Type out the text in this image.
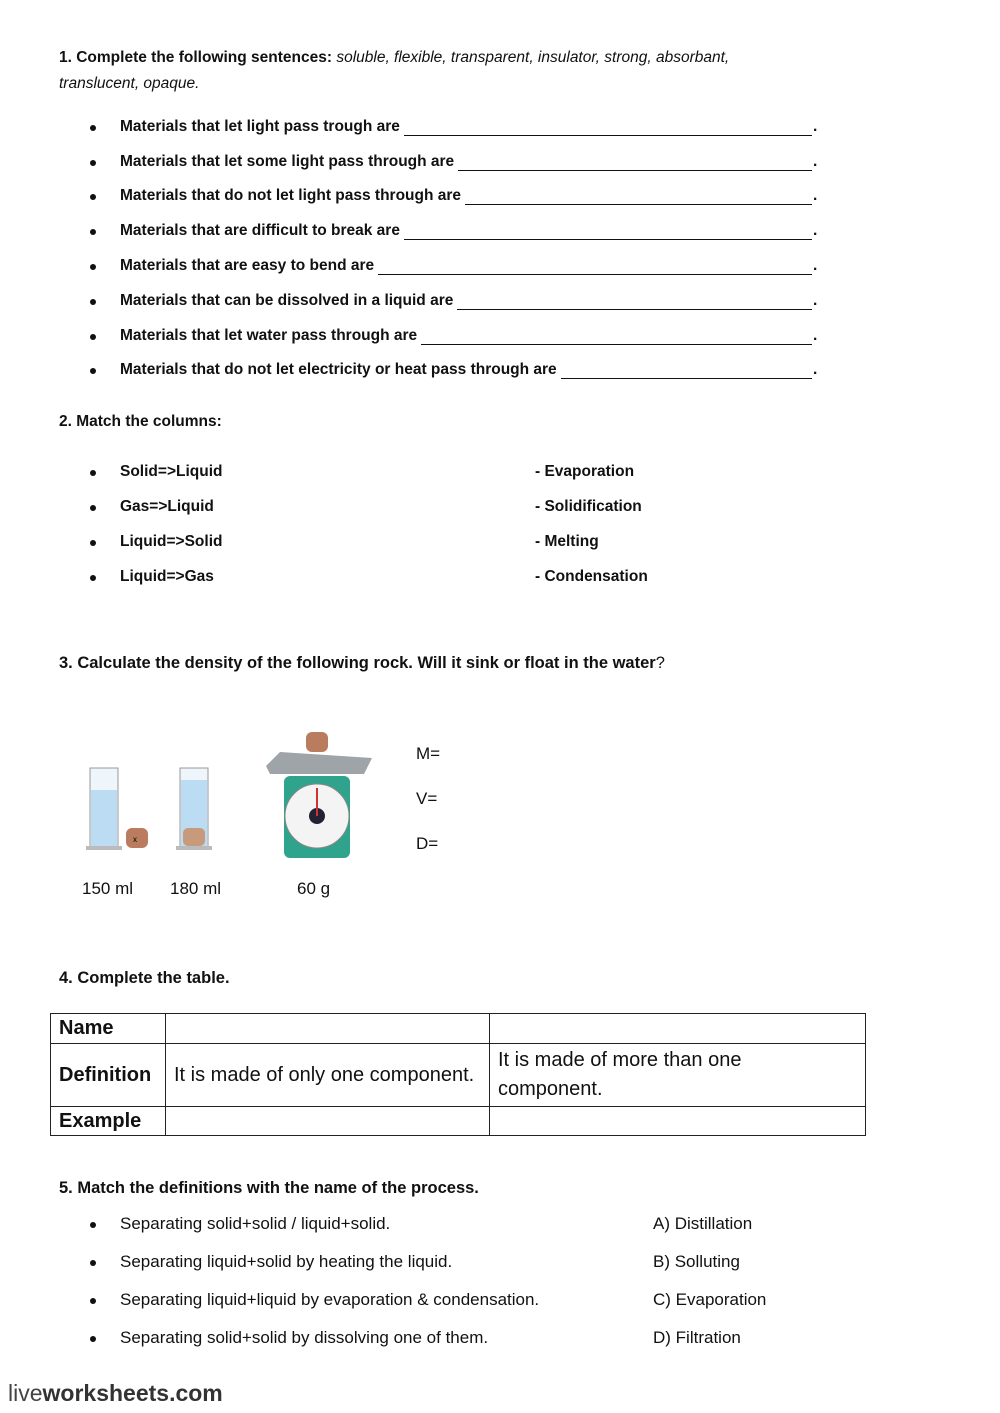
1. Complete the following sentences: soluble, flexible, transparent, insulator, strong, absorbant,
translucent, opaque.
Materials that let light pass trough are	.
Materials that let some light pass through are	.
Materials that do not let light pass through are	.
Materials that are difficult to break are	.
Materials that are easy to bend are	.
Materials that can be dissolved in a liquid are	.
Materials that let water pass through are	.
Materials that do not let electricity or heat pass through are	.
2. Match the columns:
Solid=>Liquid	- Evaporation
Gas=>Liquid	- Solidification
Liquid=>Solid	- Melting
Liquid=>Gas	- Condensation
3. Calculate the density of the following rock. Will it sink or float in the water?
x
150 ml 180 ml	60 g
M=
V=
D=
4. Complete the table.
Name		
Definition	It is made of only one component.	It is made of more than one component.
Example		
5. Match the definitions with the name of the process.
Separating solid+solid / liquid+solid.	A) Distillation
Separating liquid+solid by heating the liquid.	B) Solluting
Separating liquid+liquid by evaporation & condensation.	C) Evaporation
Separating solid+solid by dissolving one of them.	D) Filtration
liveworksheets.com
